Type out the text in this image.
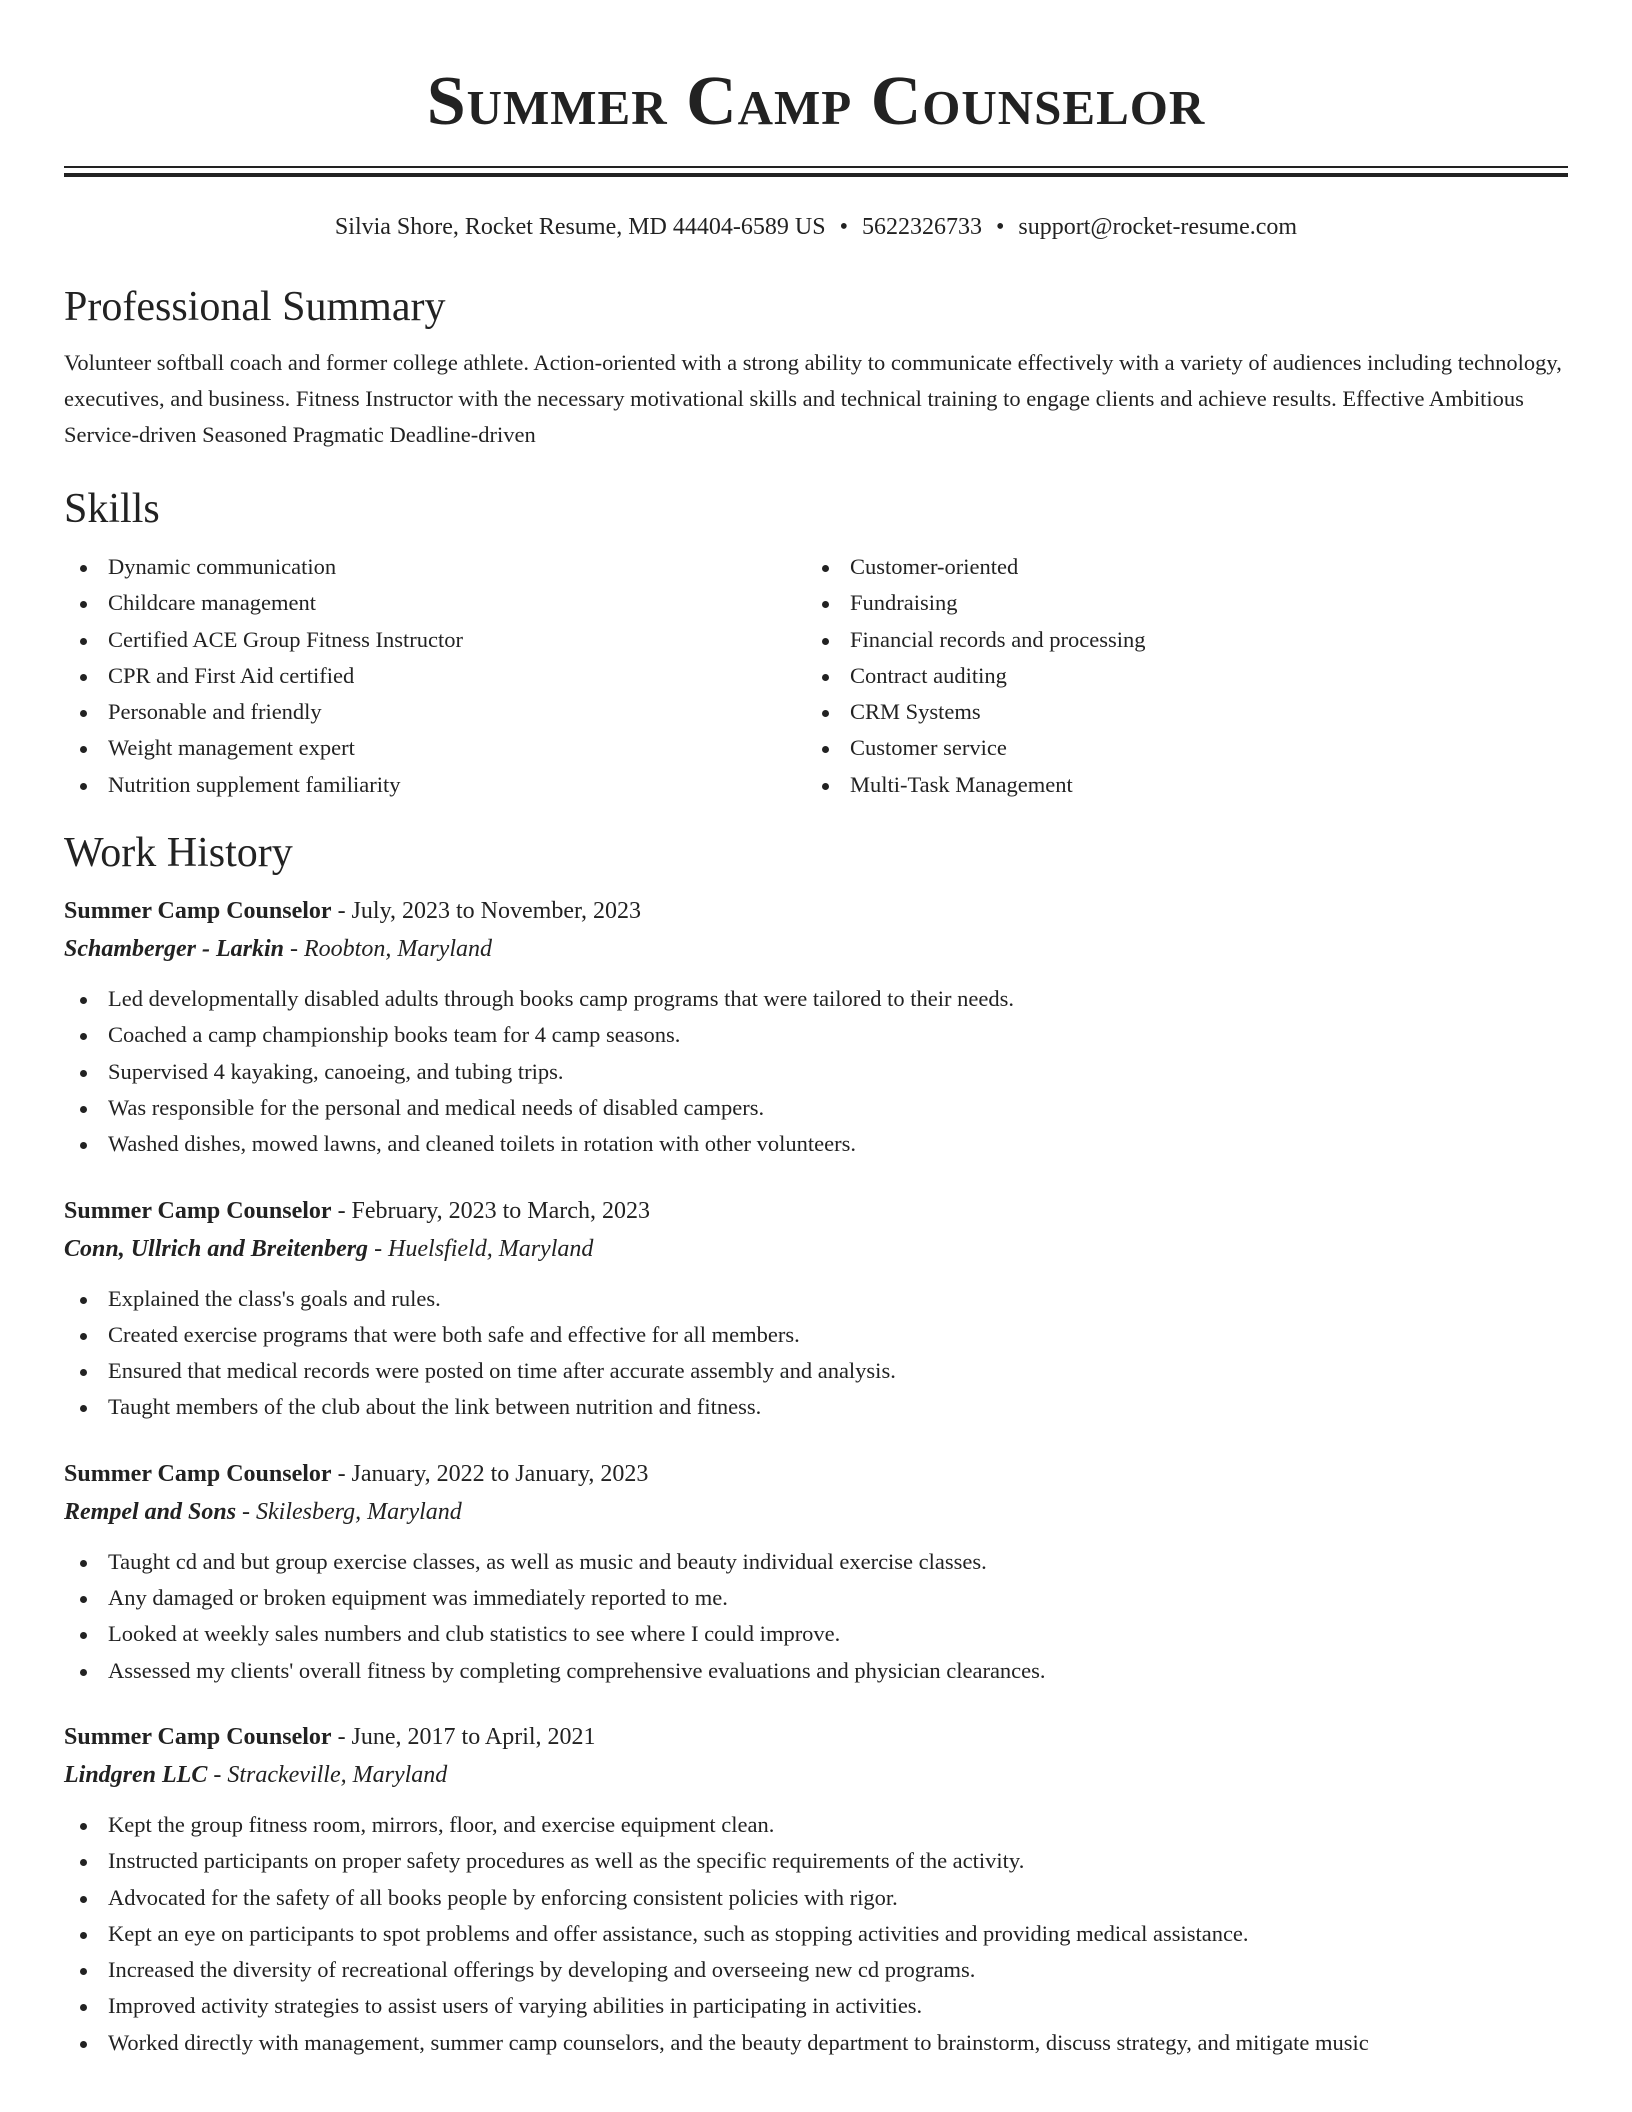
Summer Camp Counselor
Silvia Shore, Rocket Resume, MD 44404-6589 US • 5622326733 • support@rocket-resume.com
Professional Summary

Volunteer softball coach and former college athlete. Action-oriented with a strong ability to communicate effectively with a variety of audiences including technology, executives, and business. Fitness Instructor with the necessary motivational skills and technical training to engage clients and achieve results. Effective Ambitious Service-driven Seasoned Pragmatic Deadline-driven

Skills
Dynamic communication
Childcare management
Certified ACE Group Fitness Instructor
CPR and First Aid certified
Personable and friendly
Weight management expert
Nutrition supplement familiarity
Customer-oriented
Fundraising
Financial records and processing
Contract auditing
CRM Systems
Customer service
Multi-Task Management
Work History
Summer Camp Counselor - July, 2023 to November, 2023
Schamberger - Larkin - Roobton, Maryland
Led developmentally disabled adults through books camp programs that were tailored to their needs.
Coached a camp championship books team for 4 camp seasons.
Supervised 4 kayaking, canoeing, and tubing trips.
Was responsible for the personal and medical needs of disabled campers.
Washed dishes, mowed lawns, and cleaned toilets in rotation with other volunteers.
Summer Camp Counselor - February, 2023 to March, 2023
Conn, Ullrich and Breitenberg - Huelsfield, Maryland
Explained the class's goals and rules.
Created exercise programs that were both safe and effective for all members.
Ensured that medical records were posted on time after accurate assembly and analysis.
Taught members of the club about the link between nutrition and fitness.
Summer Camp Counselor - January, 2022 to January, 2023
Rempel and Sons - Skilesberg, Maryland
Taught cd and but group exercise classes, as well as music and beauty individual exercise classes.
Any damaged or broken equipment was immediately reported to me.
Looked at weekly sales numbers and club statistics to see where I could improve.
Assessed my clients' overall fitness by completing comprehensive evaluations and physician clearances.
Summer Camp Counselor - June, 2017 to April, 2021
Lindgren LLC - Strackeville, Maryland
Kept the group fitness room, mirrors, floor, and exercise equipment clean.
Instructed participants on proper safety procedures as well as the specific requirements of the activity.
Advocated for the safety of all books people by enforcing consistent policies with rigor.
Kept an eye on participants to spot problems and offer assistance, such as stopping activities and providing medical assistance.
Increased the diversity of recreational offerings by developing and overseeing new cd programs.
Improved activity strategies to assist users of varying abilities in participating in activities.
Worked directly with management, summer camp counselors, and the beauty department to brainstorm, discuss strategy, and mitigate music
